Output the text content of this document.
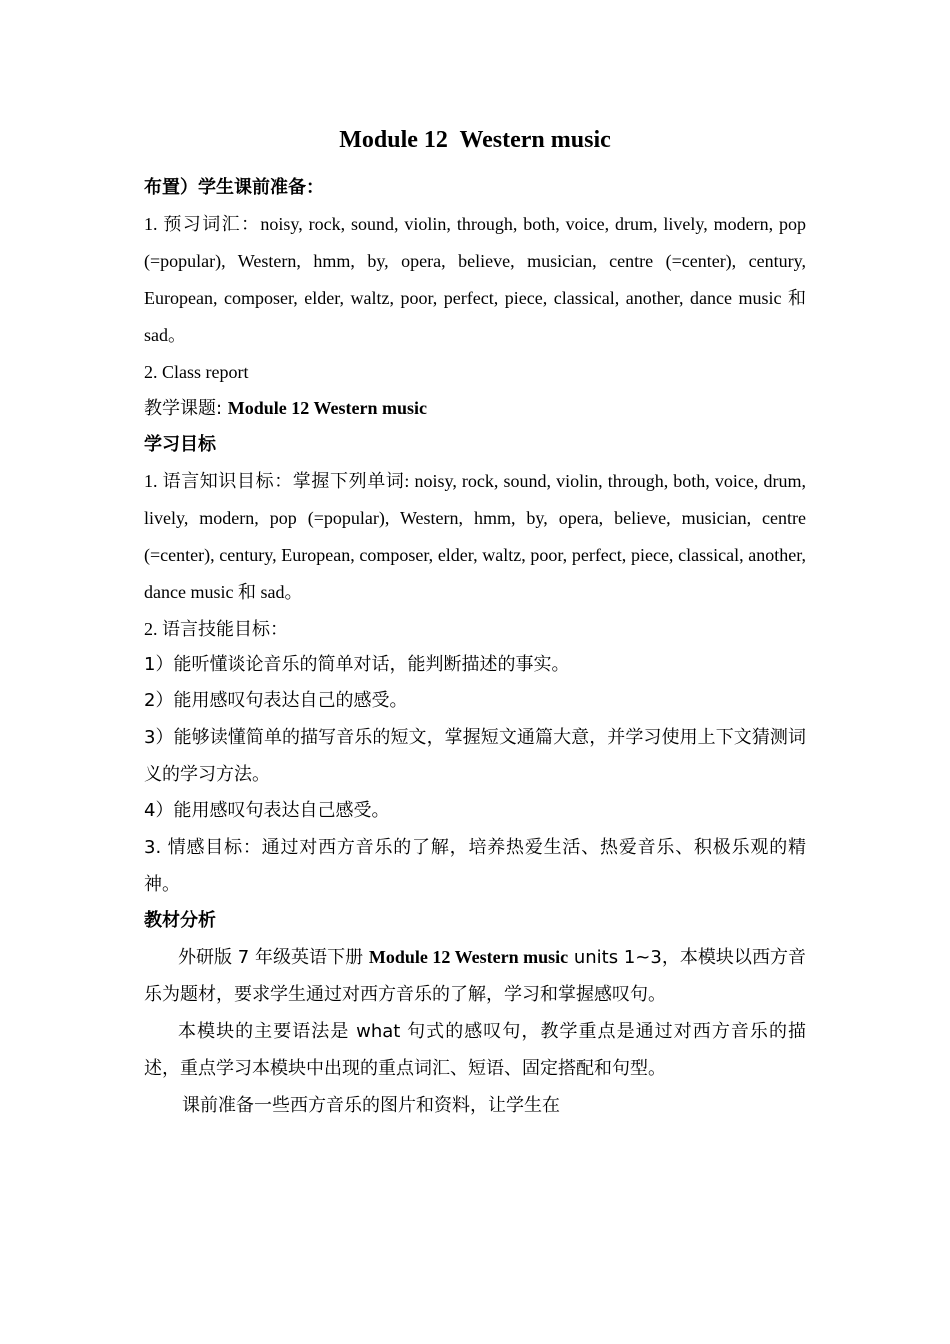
Module 12  Western music
布置）学生课前准备：

1. 预习词汇：noisy, rock, sound, violin, through, both, voice, drum, lively, modern, pop (=popular), Western, hmm, by, opera, believe, musician, centre (=center), century, European, composer, elder, waltz, poor, perfect, piece, classical, another, dance music 和 sad。

2. Class report

教学课题: Module 12 Western music

学习目标

1. 语言知识目标：掌握下列单词: noisy, rock, sound, violin, through, both, voice, drum, lively, modern, pop (=popular), Western, hmm, by, opera, believe, musician, centre (=center), century, European, composer, elder, waltz, poor, perfect, piece, classical, another, dance music 和 sad。

2. 语言技能目标：

1）能听懂谈论音乐的简单对话，能判断描述的事实。

2）能用感叹句表达自己的感受。

3）能够读懂简单的描写音乐的短文，掌握短文通篇大意，并学习使用上下文猜测词义的学习方法。

4）能用感叹句表达自己感受。

3. 情感目标：通过对西方音乐的了解，培养热爱生活、热爱音乐、积极乐观的精神。

教材分析

外研版 7 年级英语下册 Module 12 Western music units 1~3，本模块以西方音乐为题材，要求学生通过对西方音乐的了解，学习和掌握感叹句。

本模块的主要语法是 what 句式的感叹句，教学重点是通过对西方音乐的描述，重点学习本模块中出现的重点词汇、短语、固定搭配和句型。

课前准备一些西方音乐的图片和资料，让学生在
